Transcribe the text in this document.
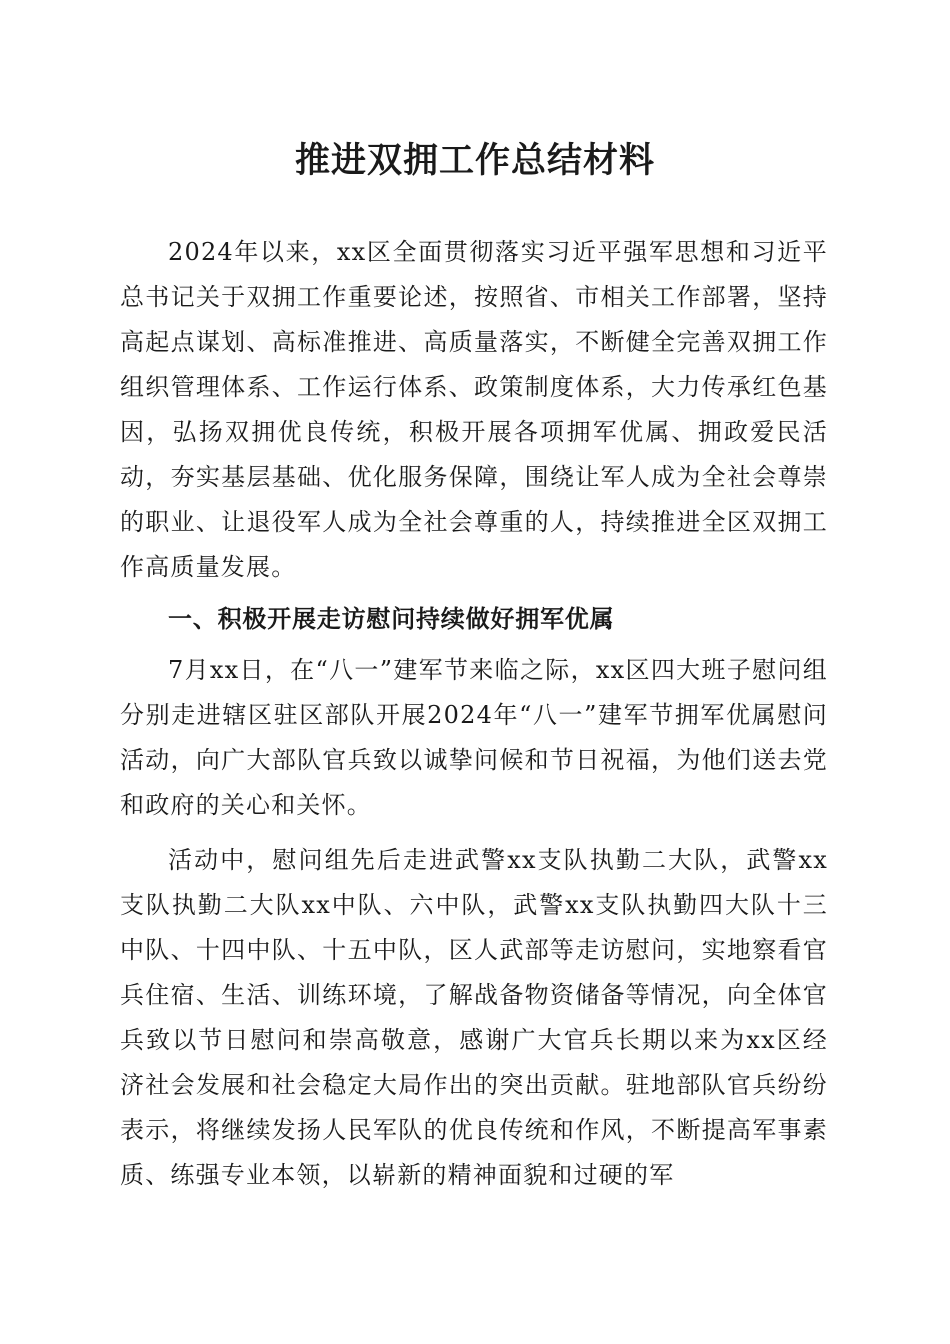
推进双拥工作总结材料

2024年以来，xx区全面贯彻落实习近平强军思想和习近平总书记关于双拥工作重要论述，按照省、市相关工作部署，坚持高起点谋划、高标准推进、高质量落实，不断健全完善双拥工作组织管理体系、工作运行体系、政策制度体系，大力传承红色基因，弘扬双拥优良传统，积极开展各项拥军优属、拥政爱民活动，夯实基层基础、优化服务保障，围绕让军人成为全社会尊崇的职业、让退役军人成为全社会尊重的人，持续推进全区双拥工作高质量发展。

一、积极开展走访慰问持续做好拥军优属

7月xx日，在“八一”建军节来临之际，xx区四大班子慰问组分别走进辖区驻区部队开展2024年“八一”建军节拥军优属慰问活动，向广大部队官兵致以诚挚问候和节日祝福，为他们送去党和政府的关心和关怀。

活动中，慰问组先后走进武警xx支队执勤二大队，武警xx支队执勤二大队xx中队、六中队，武警xx支队执勤四大队十三中队、十四中队、十五中队，区人武部等走访慰问，实地察看官兵住宿、生活、训练环境，了解战备物资储备等情况，向全体官兵致以节日慰问和崇高敬意，感谢广大官兵长期以来为xx区经济社会发展和社会稳定大局作出的突出贡献。驻地部队官兵纷纷表示，将继续发扬人民军队的优良传统和作风，不断提高军事素质、练强专业本领，以崭新的精神面貌和过硬的军
